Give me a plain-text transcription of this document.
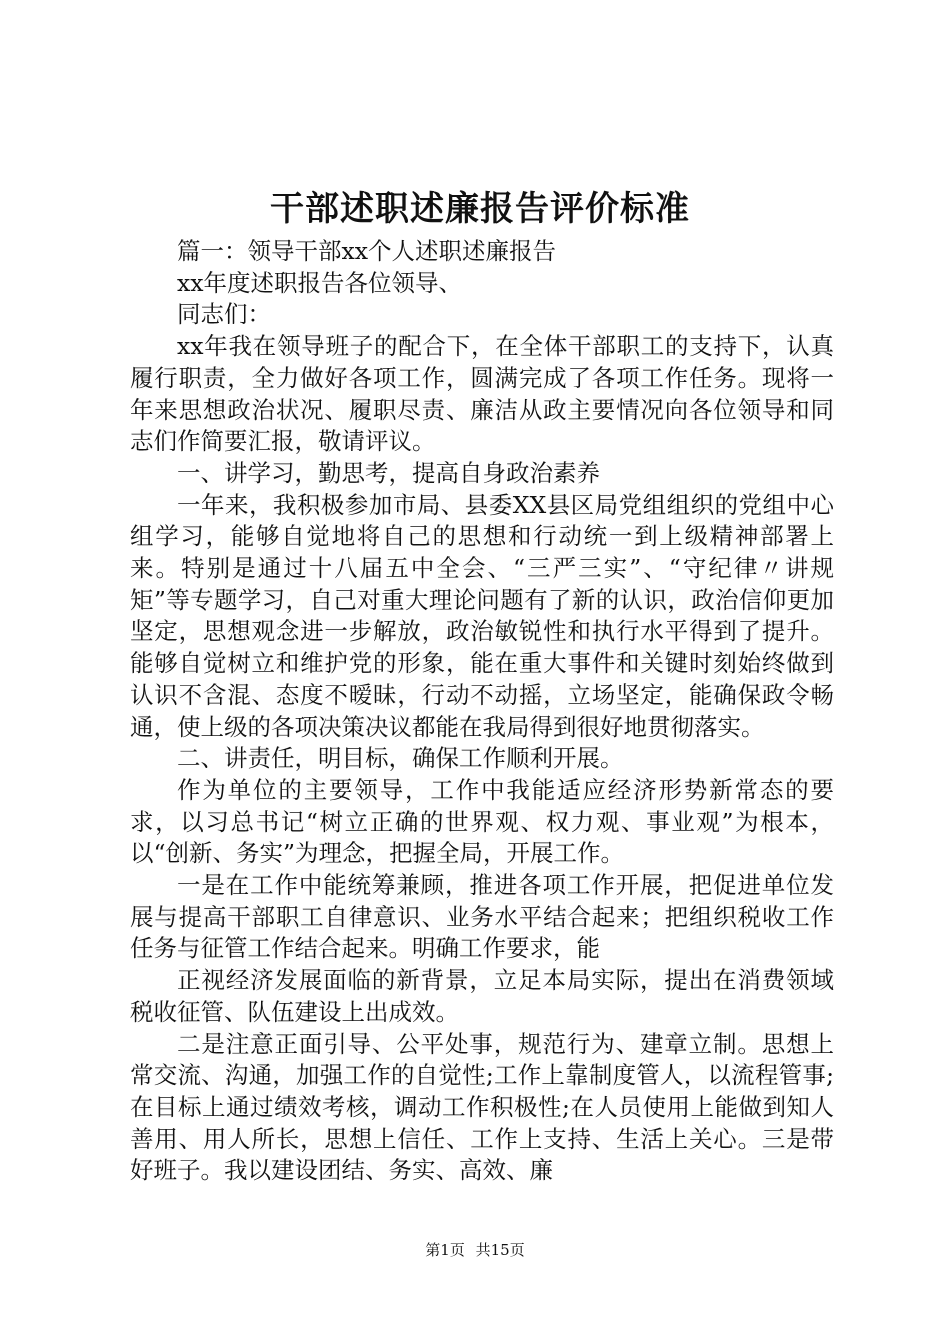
干部述职述廉报告评价标准

篇一：领导干部xx个人述职述廉报告

xx年度述职报告各位领导、

同志们：

xx年我在领导班子的配合下，在全体干部职工的支持下，认真履行职责，全力做好各项工作，圆满完成了各项工作任务。现将一年来思想政治状况、履职尽责、廉洁从政主要情况向各位领导和同志们作简要汇报，敬请评议。

一、讲学习，勤思考，提高自身政治素养

一年来，我积极参加市局、县委XX县区局党组组织的党组中心组学习，能够自觉地将自己的思想和行动统一到上级精神部署上来。特别是通过十八届五中全会、“三严三实”、“守纪律〃讲规矩”等专题学习，自己对重大理论问题有了新的认识，政治信仰更加坚定，思想观念进一步解放，政治敏锐性和执行水平得到了提升。能够自觉树立和维护党的形象，能在重大事件和关键时刻始终做到认识不含混、态度不暧昧，行动不动摇，立场坚定，能确保政令畅通，使上级的各项决策决议都能在我局得到很好地贯彻落实。

二、讲责任，明目标，确保工作顺利开展。

作为单位的主要领导，工作中我能适应经济形势新常态的要求，以习总书记“树立正确的世界观、权力观、事业观”为根本，以“创新、务实”为理念，把握全局，开展工作。

一是在工作中能统筹兼顾，推进各项工作开展，把促进单位发展与提高干部职工自律意识、业务水平结合起来；把组织税收工作任务与征管工作结合起来。明确工作要求，能

正视经济发展面临的新背景，立足本局实际，提出在消费领域税收征管、队伍建设上出成效。

二是注意正面引导、公平处事，规范行为、建章立制。思想上常交流、沟通，加强工作的自觉性;工作上靠制度管人，以流程管事;在目标上通过绩效考核，调动工作积极性;在人员使用上能做到知人善用、用人所长，思想上信任、工作上支持、生活上关心。三是带好班子。我以建设团结、务实、高效、廉

第1页 共15页
